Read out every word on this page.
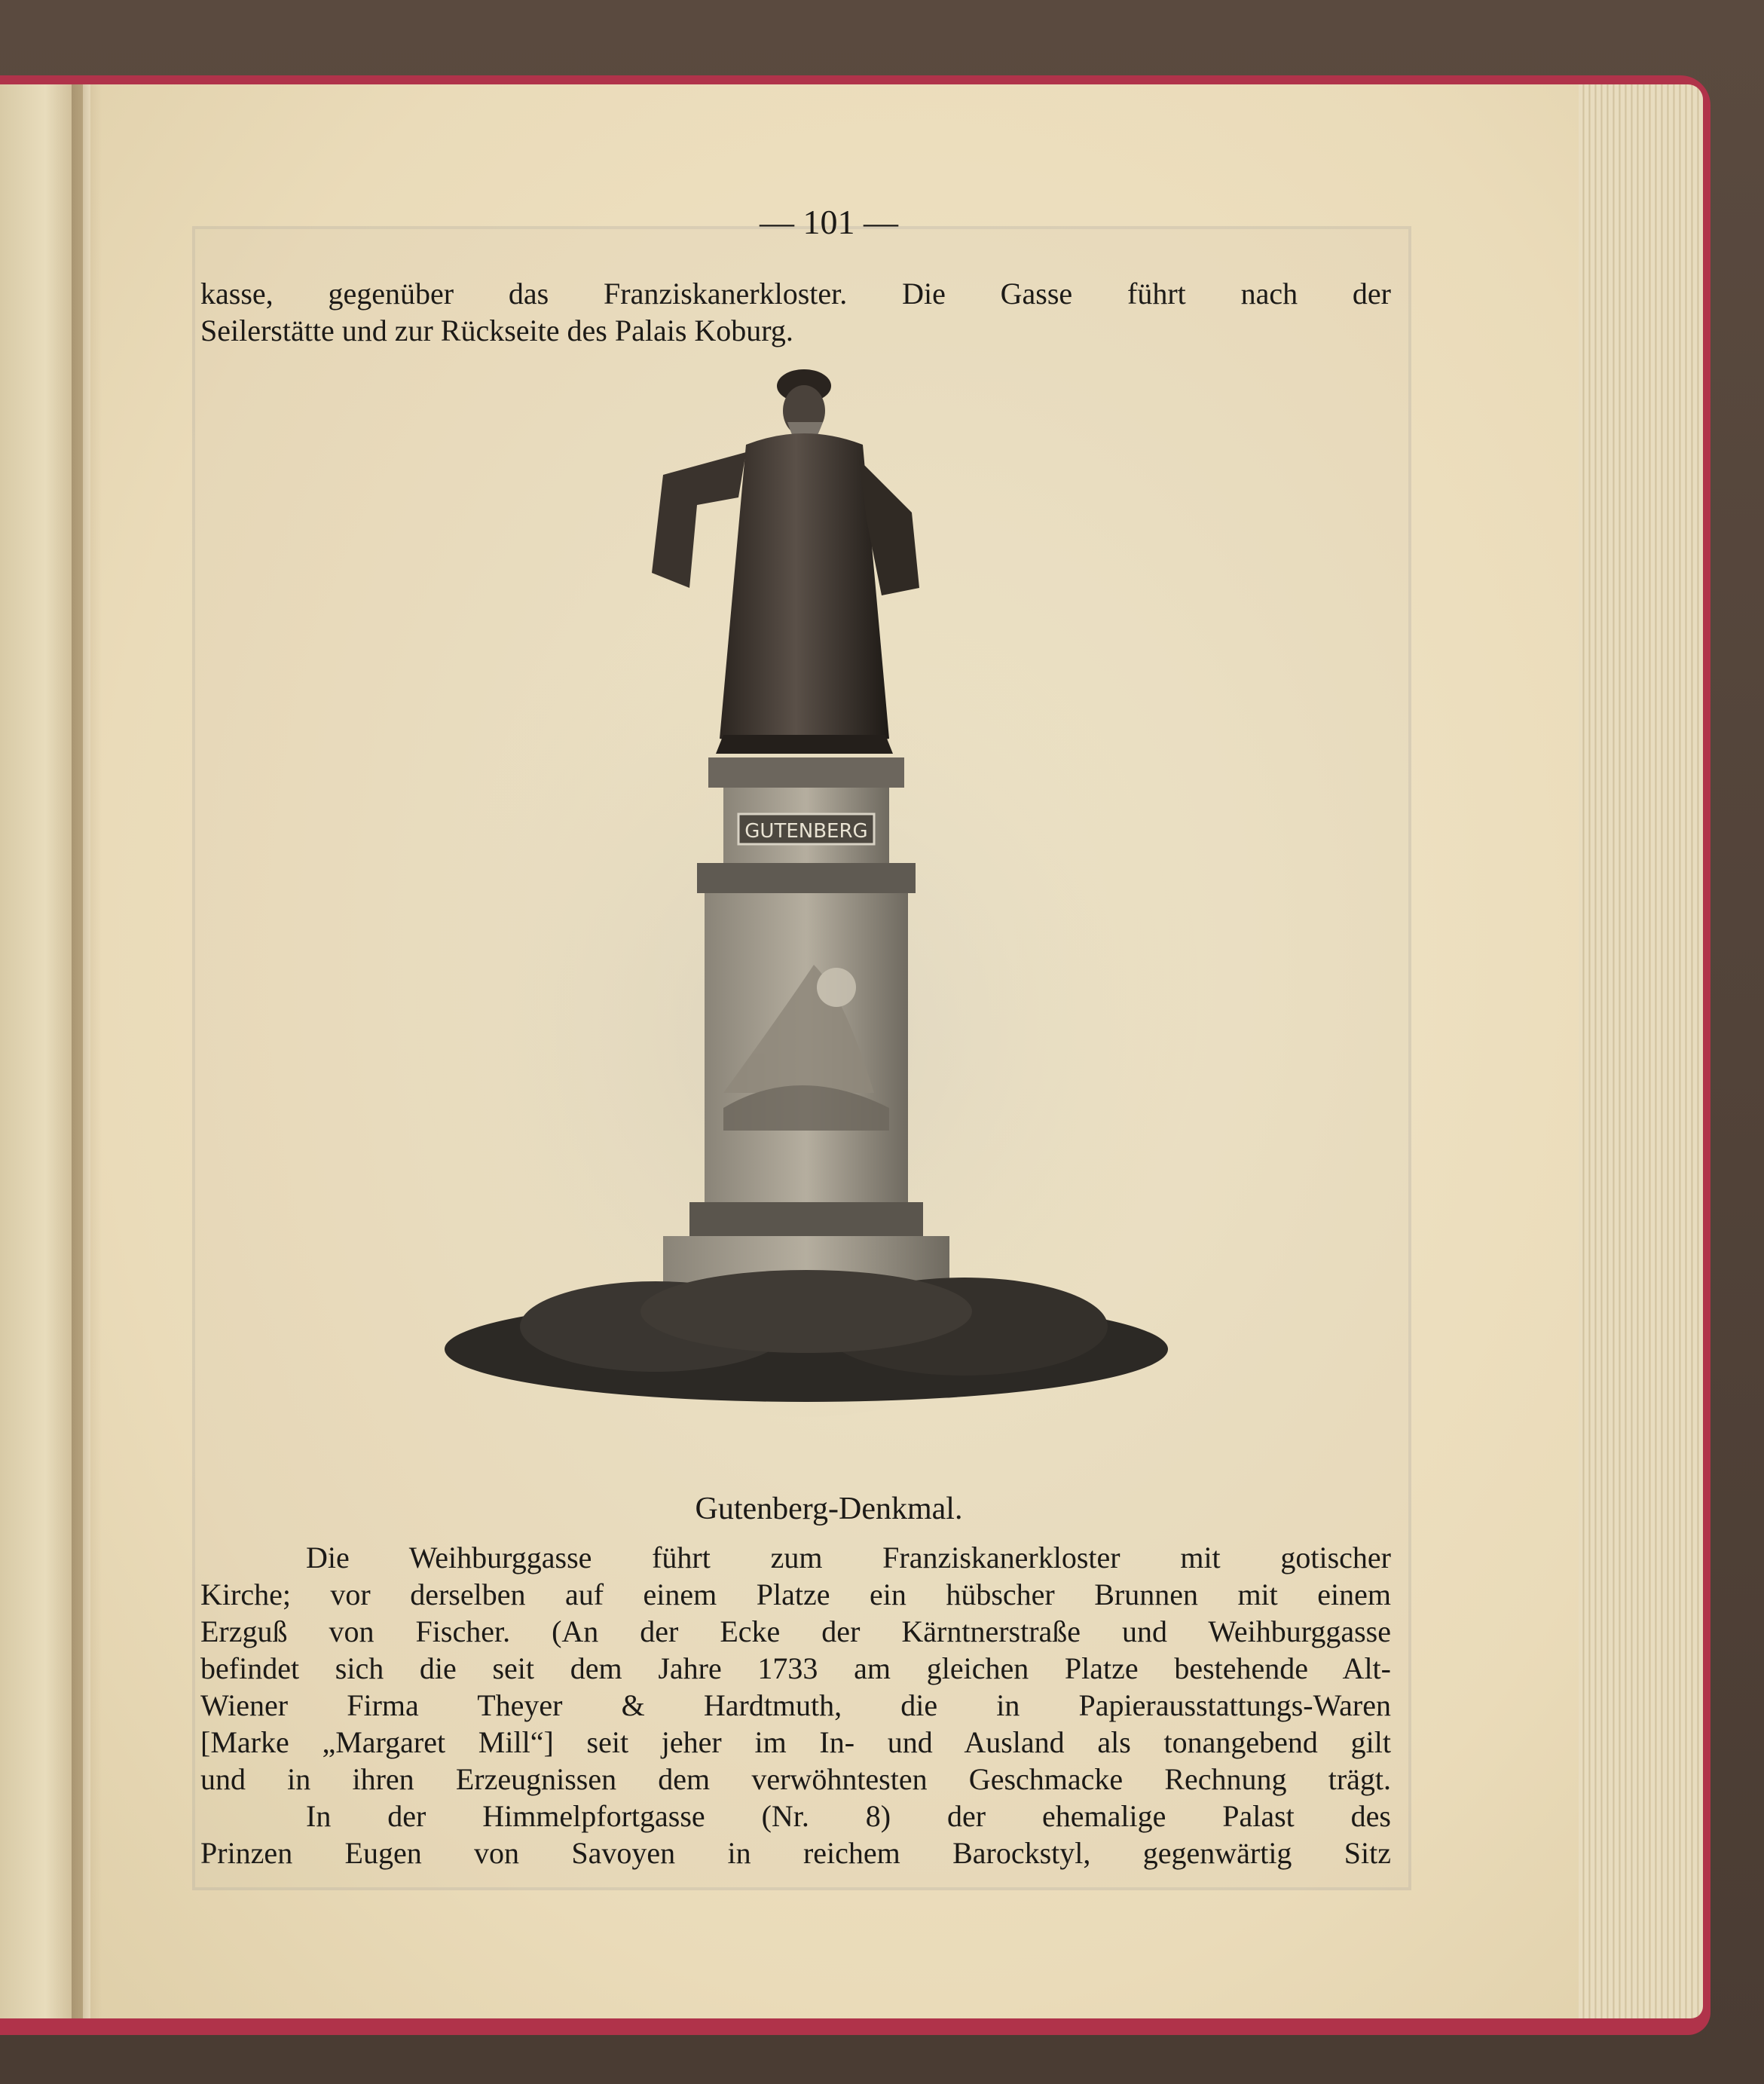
— 101 —
kasse, gegenüber das Franziskanerkloster. Die Gasse führt nach der
Seilerstätte und zur Rückseite des Palais Koburg.
GUTENBERG
Gutenberg-Denkmal.
Die Weihburggasse führt zum Franziskanerkloster mit gotischer
Kirche; vor derselben auf einem Platze ein hübscher Brunnen mit einem
Erzguß von Fischer. (An der Ecke der Kärntnerstraße und Weihburggasse
befindet sich die seit dem Jahre 1733 am gleichen Platze bestehende Alt-
Wiener Firma Theyer & Hardtmuth, die in Papierausstattungs-Waren
[Marke „Margaret Mill“] seit jeher im In- und Ausland als tonangebend gilt
und in ihren Erzeugnissen dem verwöhntesten Geschmacke Rechnung trägt.
In der Himmelpfortgasse (Nr. 8) der ehemalige Palast des
Prinzen Eugen von Savoyen in reichem Barockstyl, gegenwärtig Sitz
